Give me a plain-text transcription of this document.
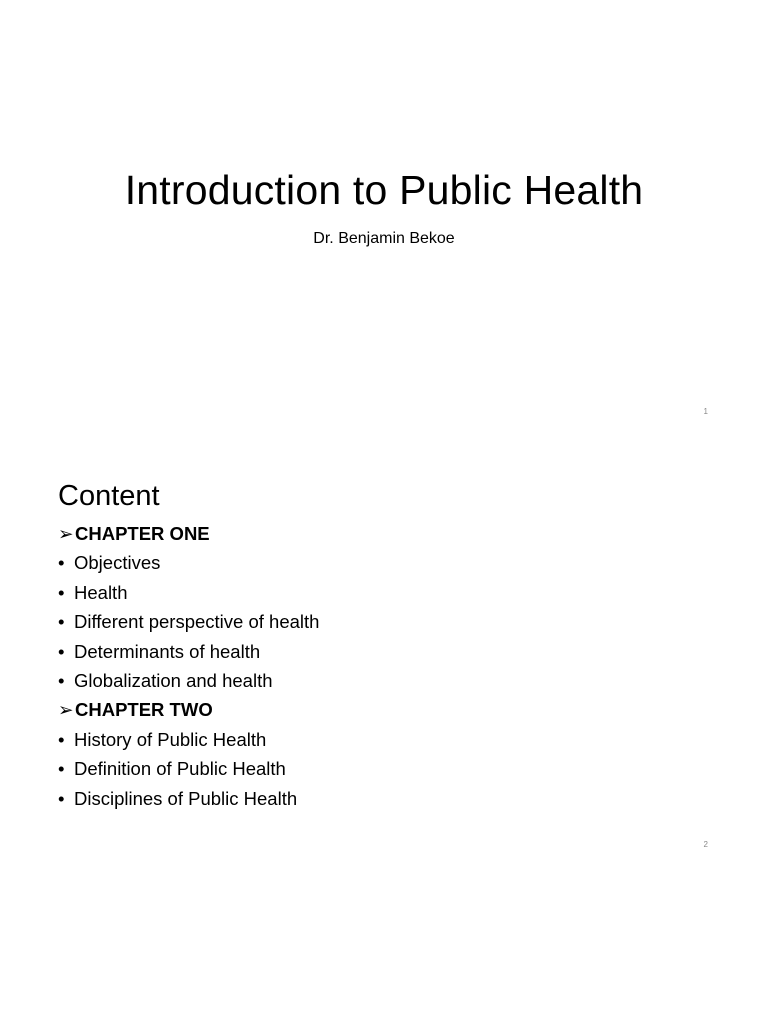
Introduction to Public Health
Dr. Benjamin Bekoe
1
Content
➢CHAPTER ONE
• Objectives
• Health
• Different perspective of health
• Determinants of health
• Globalization and health
➢CHAPTER TWO
• History of Public Health
• Definition of Public Health
• Disciplines of Public Health
2
